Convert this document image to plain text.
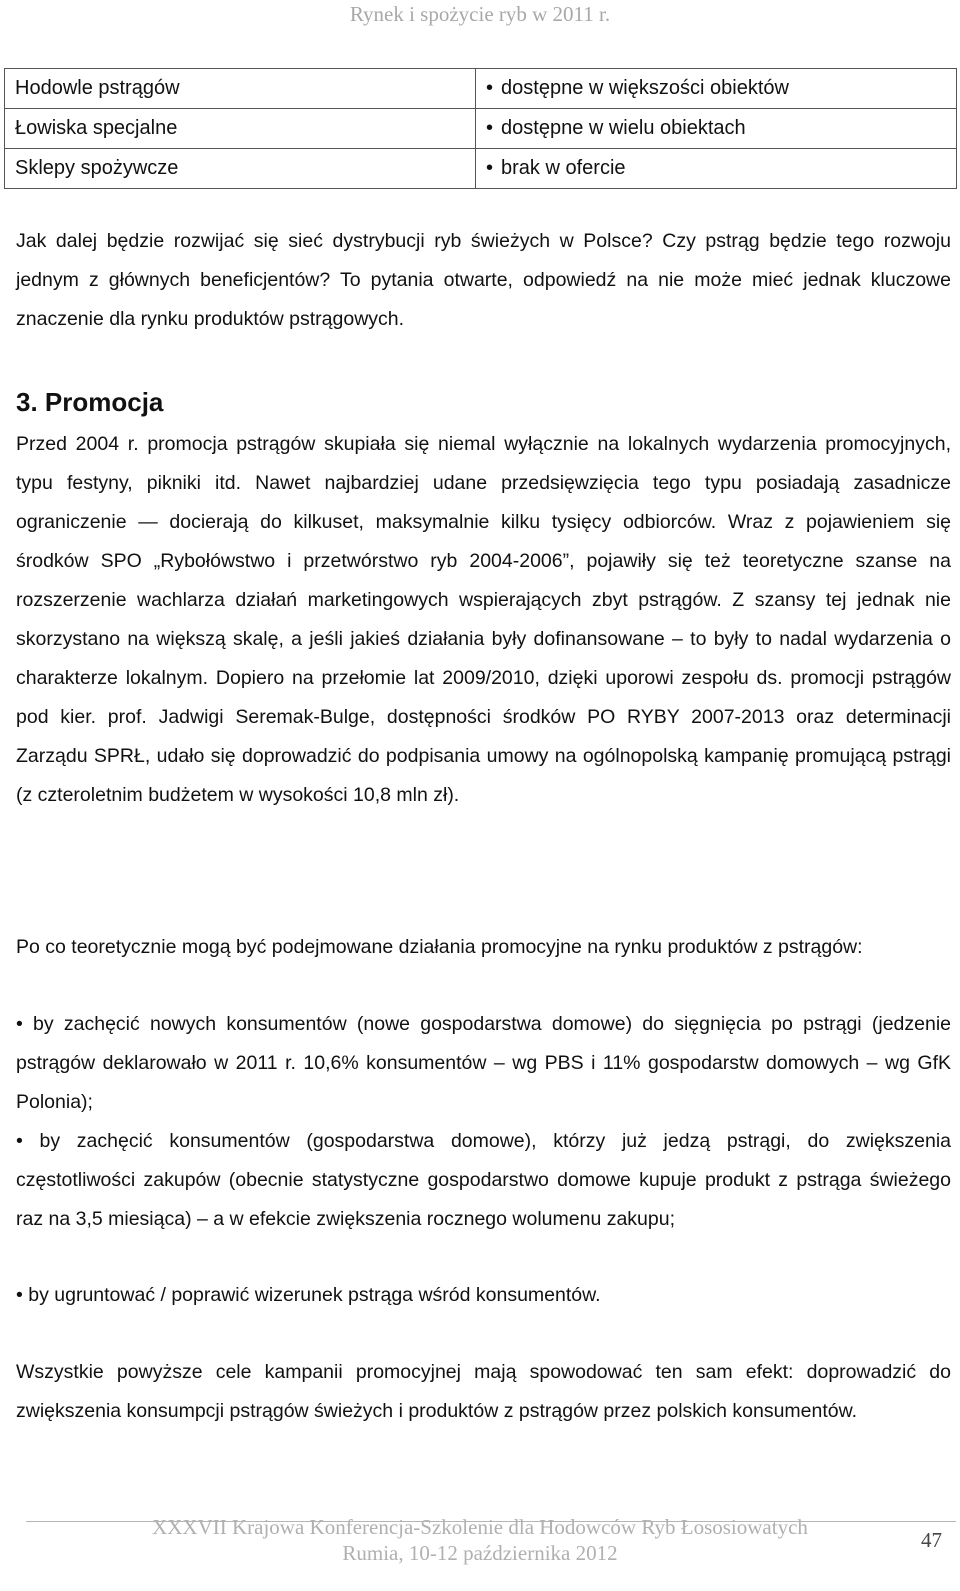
Rynek i spożycie ryb w 2011 r.
Hodowle pstrągów	• dostępne w większości obiektów
Łowiska specjalne	• dostępne w wielu obiektach
Sklepy spożywcze	• brak w ofercie

Jak dalej będzie rozwijać się sieć dystrybucji ryb świeżych w Polsce? Czy pstrąg będzie tego rozwoju jednym z głównych beneficjentów? To pytania otwarte, odpowiedź na nie może mieć jednak kluczowe znaczenie dla rynku produktów pstrągowych.

3. Promocja

Przed 2004 r. promocja pstrągów skupiała się niemal wyłącznie na lokalnych wydarzenia promocyjnych, typu festyny, pikniki itd. Nawet najbardziej udane przedsięwzięcia tego typu posiadają zasadnicze ograniczenie — docierają do kilkuset, maksymalnie kilku tysięcy odbiorców. Wraz z pojawieniem się środków SPO „Rybołówstwo i przetwórstwo ryb 2004-2006”, pojawiły się też teoretyczne szanse na rozszerzenie wachlarza działań marketingowych wspierających zbyt pstrągów. Z szansy tej jednak nie skorzystano na większą skalę, a jeśli jakieś działania były dofinansowane – to były to nadal wydarzenia o charakterze lokalnym. Dopiero na przełomie lat 2009/2010, dzięki uporowi zespołu ds. promocji pstrągów pod kier. prof. Jadwigi Seremak-Bulge, dostępności środków PO RYBY 2007-2013 oraz determinacji Zarządu SPRŁ, udało się doprowadzić do podpisania umowy na ogólnopolską kampanię promującą pstrągi (z czteroletnim budżetem w wysokości 10,8 mln zł).

Po co teoretycznie mogą być podejmowane działania promocyjne na rynku produktów z pstrągów:

• by zachęcić nowych konsumentów (nowe gospodarstwa domowe) do sięgnięcia po pstrągi (jedzenie pstrągów deklarowało w 2011 r. 10,6% konsumentów – wg PBS i 11% gospodarstw domowych – wg GfK Polonia);

• by zachęcić konsumentów (gospodarstwa domowe), którzy już jedzą pstrągi, do zwiększenia częstotliwości zakupów (obecnie statystyczne gospodarstwo domowe kupuje produkt z pstrąga świeżego raz na 3,5 miesiąca) – a w efekcie zwiększenia rocznego wolumenu zakupu;

• by ugruntować / poprawić wizerunek pstrąga wśród konsumentów.

Wszystkie powyższe cele kampanii promocyjnej mają spowodować ten sam efekt: doprowadzić do zwiększenia konsumpcji pstrągów świeżych i produktów z pstrągów przez polskich konsumentów.

XXXVII Krajowa Konferencja-Szkolenie dla Hodowców Ryb Łososiowatych
Rumia, 10-12 października 2012
47
